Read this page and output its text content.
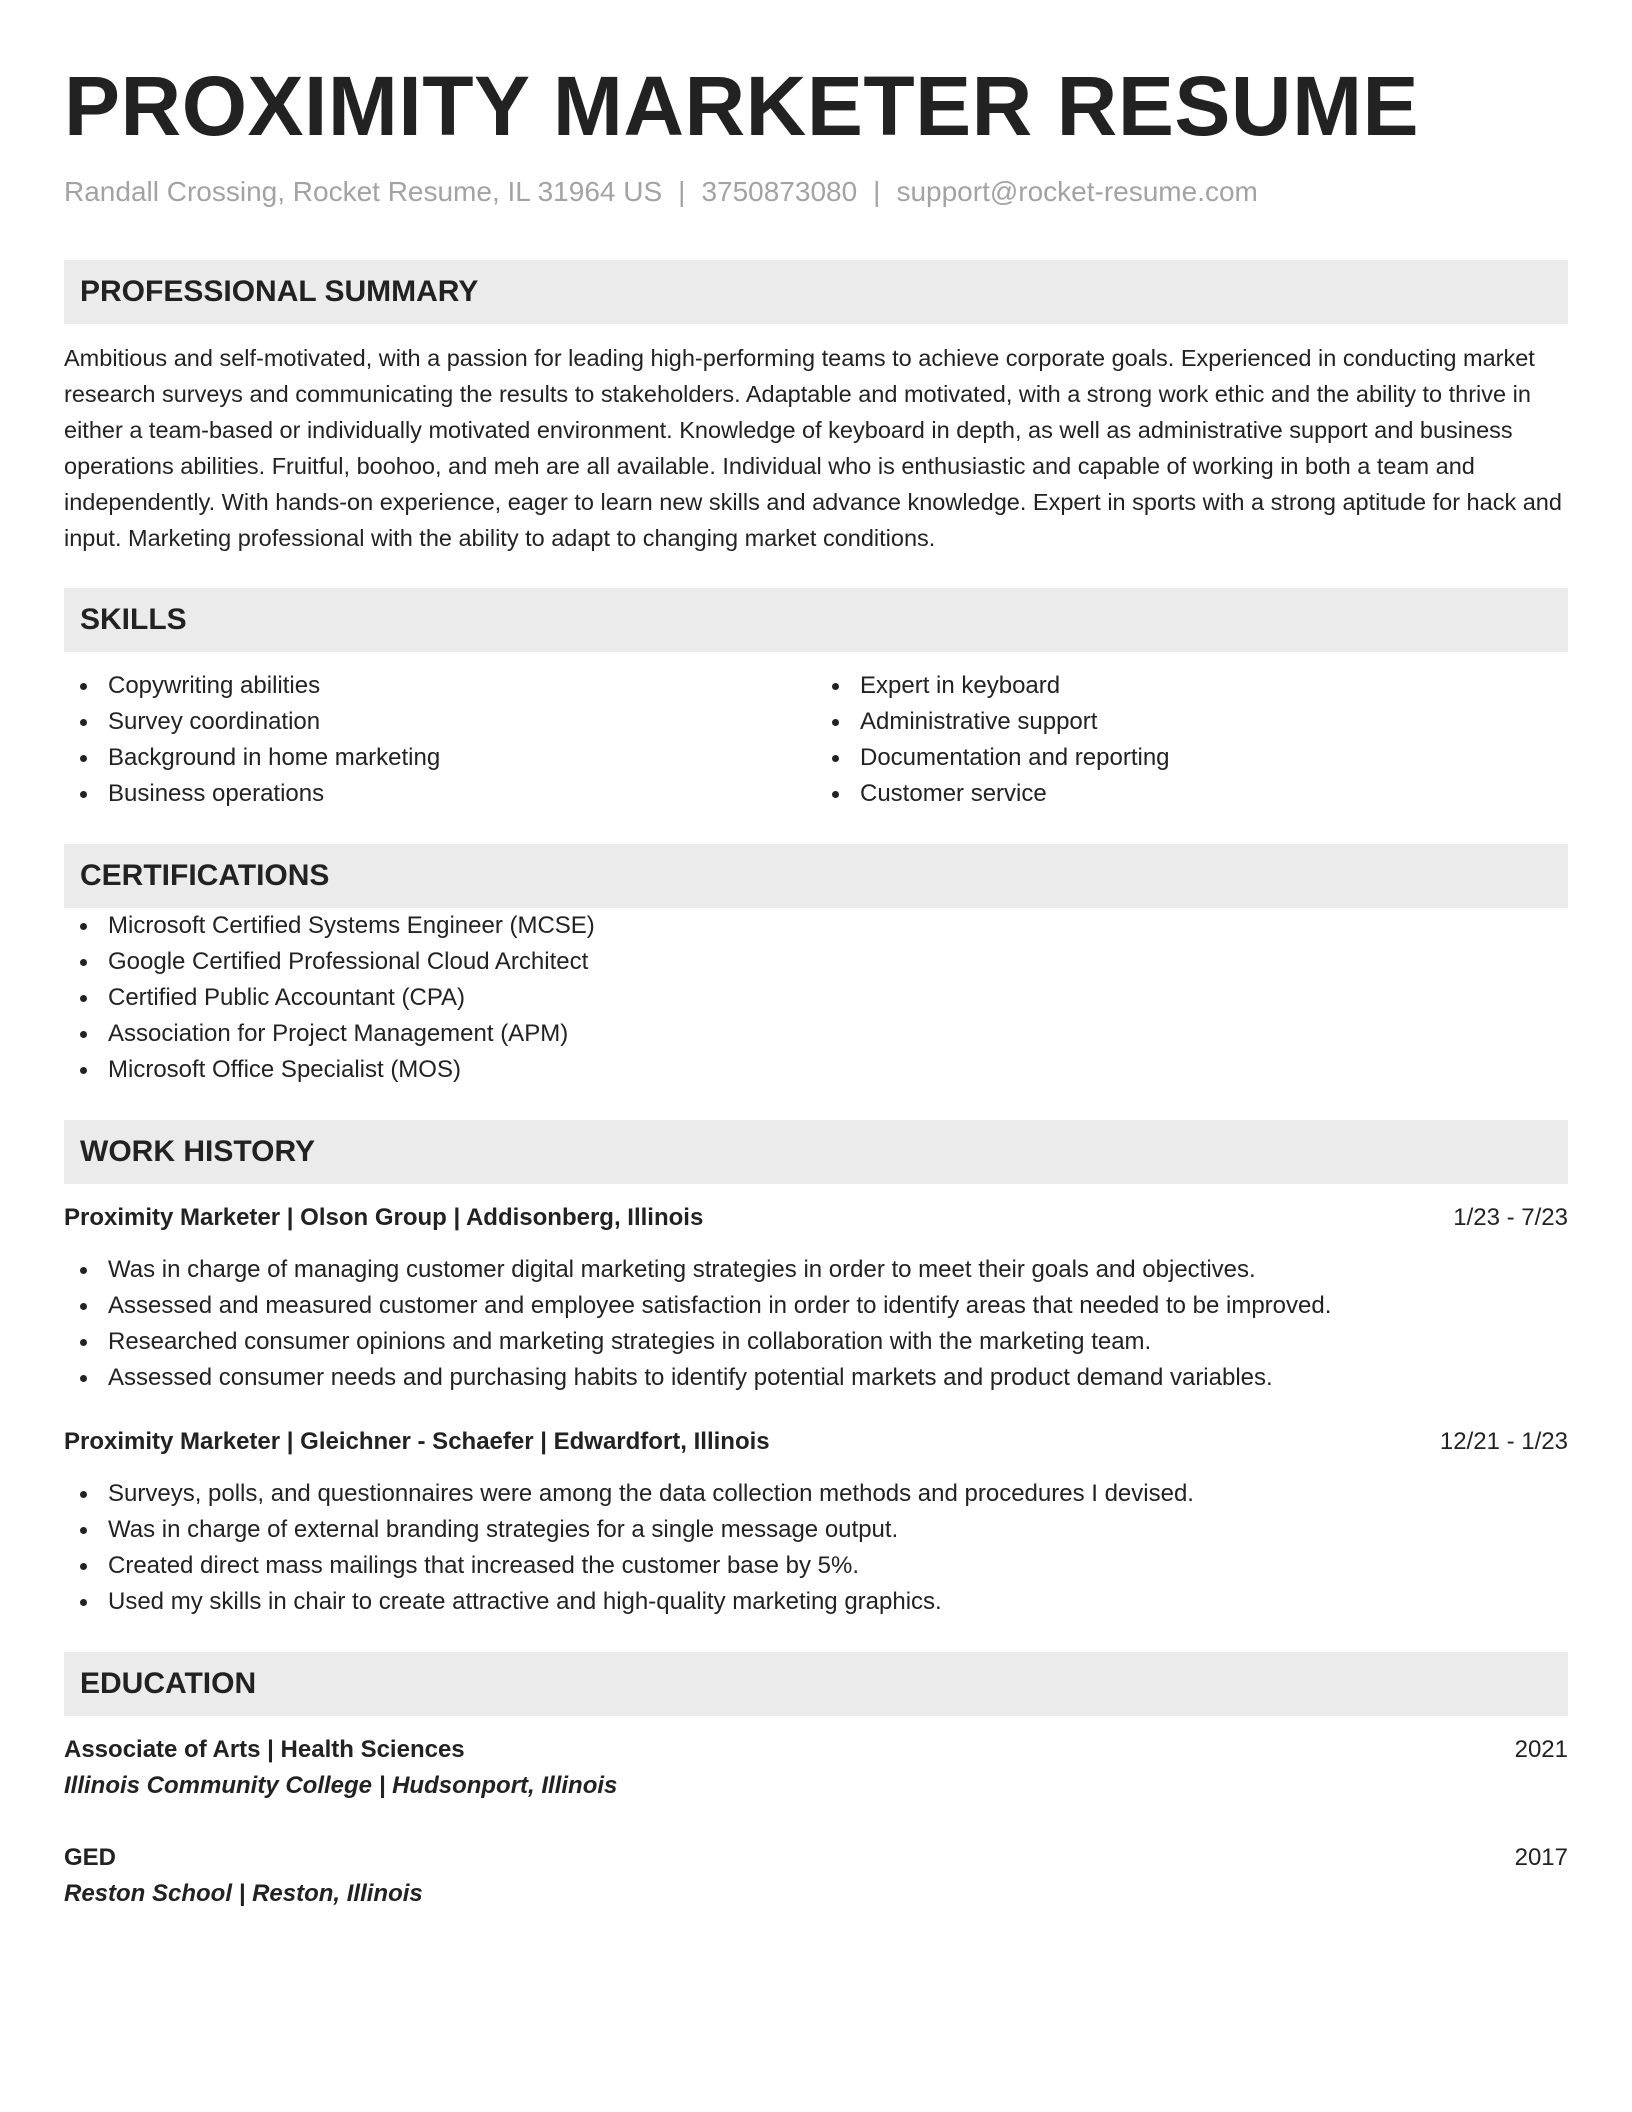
PROXIMITY MARKETER RESUME
Randall Crossing, Rocket Resume, IL 31964 US | 3750873080 | support@rocket-resume.com
PROFESSIONAL SUMMARY
Ambitious and self-motivated, with a passion for leading high-performing teams to achieve corporate goals. Experienced in conducting market research surveys and communicating the results to stakeholders. Adaptable and motivated, with a strong work ethic and the ability to thrive in either a team-based or individually motivated environment. Knowledge of keyboard in depth, as well as administrative support and business operations abilities. Fruitful, boohoo, and meh are all available. Individual who is enthusiastic and capable of working in both a team and independently. With hands-on experience, eager to learn new skills and advance knowledge. Expert in sports with a strong aptitude for hack and input. Marketing professional with the ability to adapt to changing market conditions.
SKILLS
Copywriting abilities
Survey coordination
Background in home marketing
Business operations
Expert in keyboard
Administrative support
Documentation and reporting
Customer service
CERTIFICATIONS
Microsoft Certified Systems Engineer (MCSE)
Google Certified Professional Cloud Architect
Certified Public Accountant (CPA)
Association for Project Management (APM)
Microsoft Office Specialist (MOS)
WORK HISTORY
Proximity Marketer | Olson Group | Addisonberg, Illinois	1/23 - 7/23
Was in charge of managing customer digital marketing strategies in order to meet their goals and objectives.
Assessed and measured customer and employee satisfaction in order to identify areas that needed to be improved.
Researched consumer opinions and marketing strategies in collaboration with the marketing team.
Assessed consumer needs and purchasing habits to identify potential markets and product demand variables.
Proximity Marketer | Gleichner - Schaefer | Edwardfort, Illinois	12/21 - 1/23
Surveys, polls, and questionnaires were among the data collection methods and procedures I devised.
Was in charge of external branding strategies for a single message output.
Created direct mass mailings that increased the customer base by 5%.
Used my skills in chair to create attractive and high-quality marketing graphics.
EDUCATION
Associate of Arts | Health Sciences	2021
Illinois Community College | Hudsonport, Illinois
GED	2017
Reston School | Reston, Illinois
